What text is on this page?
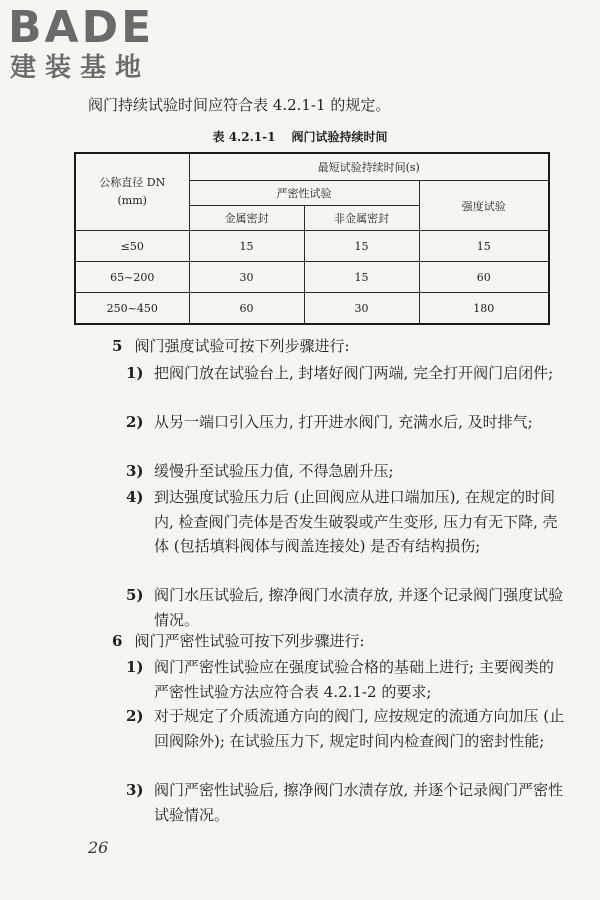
BADE

建装基地

阀门持续试验时间应符合表 4.2.1-1 的规定。

表 4.2.1-1 阀门试验持续时间

公称直径 DN
(mm)	最短试验持续时间(s)		
	严密性试验		强度试验
	金属密封	非金属密封	
≤50	15	15	15
65~200	30	15	60
250~450	60	30	180

5 阀门强度试验可按下列步骤进行:

1) 把阀门放在试验台上, 封堵好阀门两端, 完全打开阀门启闭件;

2) 从另一端口引入压力, 打开进水阀门, 充满水后, 及时排气;

3) 缓慢升至试验压力值, 不得急剧升压;

4) 到达强度试验压力后 (止回阀应从进口端加压), 在规定的时间内, 检查阀门壳体是否发生破裂或产生变形, 压力有无下降, 壳体 (包括填料阀体与阀盖连接处) 是否有结构损伤;

5) 阀门水压试验后, 擦净阀门水渍存放, 并逐个记录阀门强度试验情况。

6 阀门严密性试验可按下列步骤进行:

1) 阀门严密性试验应在强度试验合格的基础上进行; 主要阀类的严密性试验方法应符合表 4.2.1-2 的要求;

2) 对于规定了介质流通方向的阀门, 应按规定的流通方向加压 (止回阀除外); 在试验压力下, 规定时间内检查阀门的密封性能;

3) 阀门严密性试验后, 擦净阀门水渍存放, 并逐个记录阀门严密性试验情况。

26
